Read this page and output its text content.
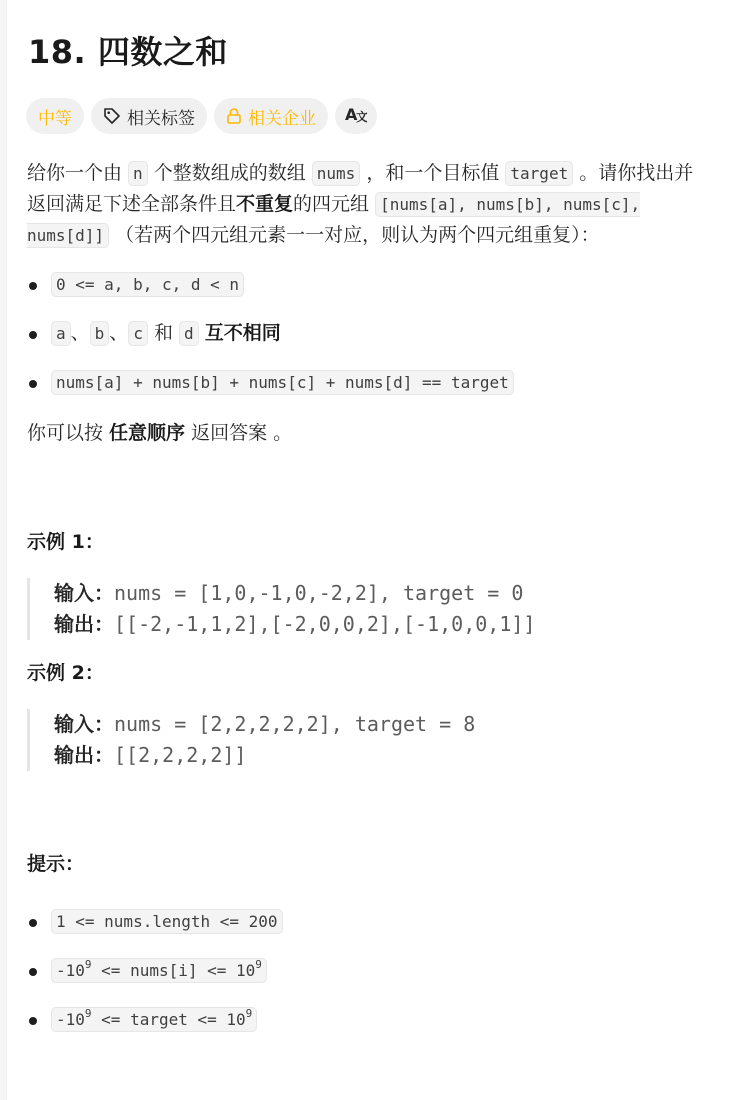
18. 四数之和
中等	相关标签	相关企业 A
文

给你一个由 n 个整数组成的数组 nums ，和一个目标值 target 。请你找出并返回满足下述全部条件且不重复的四元组 [nums[a], nums[b], nums[c], nums[d]] （若两个四元组元素一一对应，则认为两个四元组重复）：

0 <= a, b, c, d < n
a 、 b 、 c 和 d 互不相同
nums[a] + nums[b] + nums[c] + nums[d] == target

你可以按 任意顺序 返回答案 。

示例 1：
输入：nums = [1,0,-1,0,-2,2], target = 0
输出：[[-2,-1,1,2],[-2,0,0,2],[-1,0,0,1]]
示例 2：
输入：nums = [2,2,2,2,2], target = 8
输出：[[2,2,2,2]]
提示：
1 <= nums.length <= 200
$-10^9$ <= nums[i] <= $10^9$
$-10^9$ <= target <= $10^9$
